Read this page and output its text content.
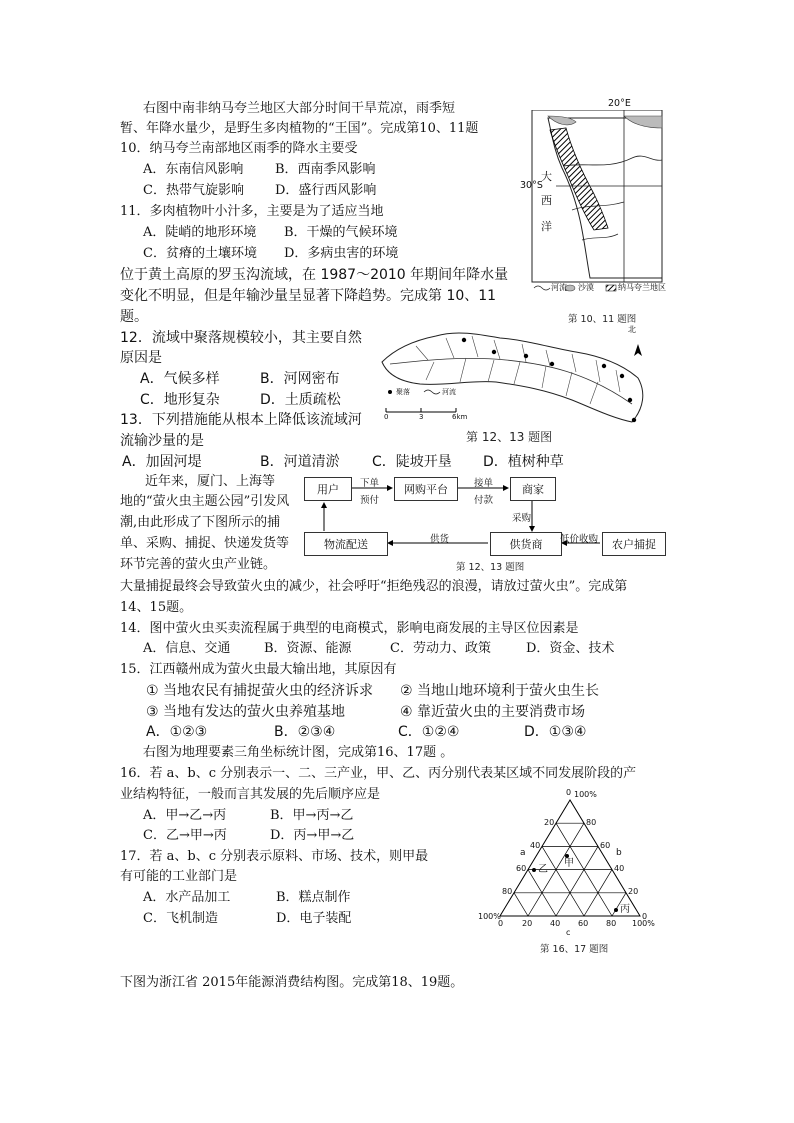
右图中南非纳马夸兰地区大部分时间干旱荒凉，雨季短
暂、年降水量少，是野生多肉植物的“王国”。完成第10、11题
10．纳马夸兰南部地区雨季的降水主要受
A．东南信风影响 B．西南季风影响
C．热带气旋影响 D．盛行西风影响
11．多肉植物叶小汁多，主要是为了适应当地
A．陡峭的地形环境 B．干燥的气候环境
C．贫瘠的土壤环境 D．多病虫害的环境
20°E
30°S
大
西
洋
河流 沙漠	纳马夸兰地区
第 10、11 题图
位于黄土高原的罗玉沟流域，在 1987～2010 年期间年降水量
变化不明显，但是年输沙量呈显著下降趋势。完成第 10、11
题。
12．流域中聚落规模较小，其主要自然
原因是
A．气候多样	B．河网密布
C．地形复杂	D．土质疏松
13．下列措施能从根本上降低该流域河
流输沙量的是
A．加固河堤	B．河道清淤 C．陡坡开垦 D．植树种草
聚落	河流
0	3	6km
北
第 12、13 题图
近年来，厦门、上海等
地的“萤火虫主题公园”引发风
潮,由此形成了下图所示的捕
单、采购、捕捉、快递发货等
环节完善的萤火虫产业链。
用户	网购平台	商家
物流配送	供货商	农户捕捉
下单
预付
接单
付款
采购
低价收购
供货
第 12、13 题图
大量捕捉最终会导致萤火虫的减少，社会呼吁“拒绝残忍的浪漫，请放过萤火虫”。完成第
14、15题。
14．图中萤火虫买卖流程属于典型的电商模式，影响电商发展的主导区位因素是
A．信息、交通	B．资源、能源	C．劳动力、政策	D．资金、技术
15．江西赣州成为萤火虫最大输出地，其原因有
① 当地农民有捕捉萤火虫的经济诉求 ② 当地山地环境利于萤火虫生长
③ 当地有发达的萤火虫养殖基地	④ 靠近萤火虫的主要消费市场
A．①②③	B．②③④	C．①②④	D．①③④
右图为地理要素三角坐标统计图，完成第16、17题 。
16．若 a、b、c 分别表示一、二、三产业，甲、乙、丙分别代表某区域不同发展阶段的产
业结构特征，一般而言其发展的先后顺序应是
A．甲→乙→丙	B．甲→丙→乙
C．乙→甲→丙	D．丙→甲→乙
17．若 a、b、c 分别表示原料、市场、技术，则甲最
有可能的工业部门是
A．水产品加工	B．糕点制作
C．飞机制造	D．电子装配
0 100%
20	80
40	60
60	40
80	20
100%	0
0 20 40 60 80 100%
a	b
c
乙
甲
丙
第 16、17 题图
下图为浙江省 2015年能源消费结构图。完成第18、19题。
